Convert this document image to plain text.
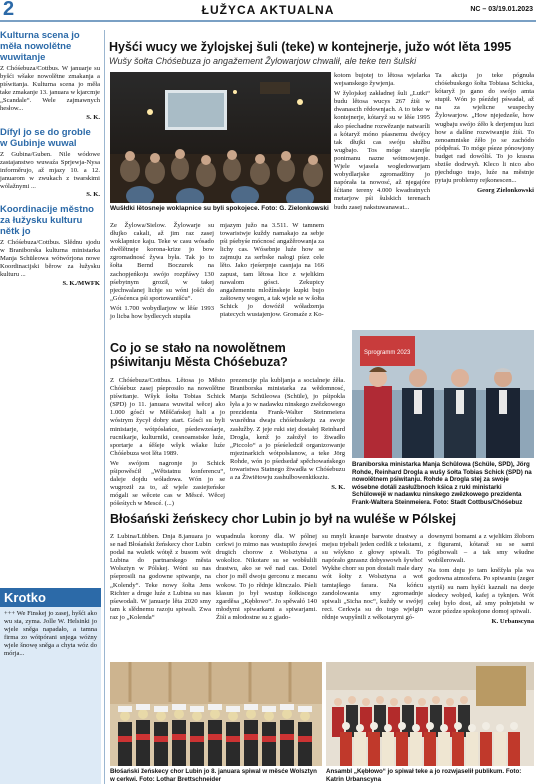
2	ŁUŽYCA AKTUALNA	NC – 03/19.01.2023
Kulturna scena jo měła nowolětne wuwitanje

Z Chóśebuza/Cottbus. W januarje su byšći wšake nowolětne zmakanja a piświtanja. Kulturna scena jo měła take zmakanje 13. januara w kjarcmje „Scandale“. Wele zajmawnych hesłow...

S. K.

Dífyl jo se do groble w Gubinje wuwal

Z Gubina/Guben. Nile wódowe zastajanstwo wuwaźa Sprjewja-Nysa informěrujo, až mjazy 10. a 12. januarom w zwukach z twarskimi wólažnymi ...

S. K.

Koordinacije městno za łužysku kulturu nětk jo

Z Chóśebuza/Cottbus. Slědnu sjodu w Braniborska kulturna ministarka Manja Schüleowa wótwórjona nowe Koordinacijski běrow za łužysku kulturu ...

S. K./MWFK

Krotko

+++ We Finskej jo zasej, hyšći ako wu sta, zyma. Jolle W. Helsinki jo wjele sněga napadało, a tamna firma zo wótpórani snjega wóżny wjele šnowę sněga a chyta wóz do mórja...

Hyšći wucy we žylojskej šuli (teke) w kontejnerje, južo wót lěta 1995
Wušy šołta Chóśebuza jo angažement Žylowarjow chwalił, ale teke ten šulski
Wušłdki lětosneje woklapnice su byli spokojece. Foto: G. Zielonkowski

Ze Žylowa/Sielow. Žylowarje su dłujko cakali, až jim raz zasej woklapnice kaju. Teke w casu wósado dwělětneje korona-krize jo bow zgromadnosć žywa była. Tak jo to šołta Bernd Boczurek na zachopjeńkoju swójo rozpřáwy 130 pśebytnym groził, w takej pjechwalanej lichje su wóni jošći do „Gósćenca pśi sportowanišću“.

Wót 1.700 wobydlarjow w lěśe 1993 jo licba how bydlecych stupiła

mjazym južo na 3.511. W tamnem towaristwje kuždy namakajo za sebje pśi pśebyśe mócnosć angažěrowanja za lichy cas. Wósebnje luźe how se zajmuju za serbske nałogi pśez cełe lěto. Jako rjeśerpnje casnjaja na 166 zapust, tam lětosa lice z wjelikim nawalom gósci. Zekupicy angažementu mložínskeje kupki bujo zaštowny wogen, a tak wjele se w šołta Schick jo dowóźił wóładzenja piatecych wustajenjow. Gromaźe z Ko-

kotom bujotej to lětosa wjelarka wejsanskego žywjenja.

W žylojskej zakładnej šuli „Lutki“ budu lětosa wucys 267 źiśi w dwanascih rědownjach. A to teke w kontejnerje, kótaryž su w lěśe 1995 ako pśechadne rozwězanje natwaríli a kótaryž móno pśasnemu dwójcy tak dłujki cas swóju słužbu wugbajo. Tos móge starejše ponimanu nazne wótmowjenje. Wjele wjasela wogledowarjam wobydlarjske zgromadžiny jo napórała ta nowosć, až njegajóre šćitane tereny 4.000 kwadratnych metarjow pśi šulskich terenach budu zasej nakstuwanawat...

Ta akcija jo teke pógnuła chóśebuskego šołta Tobiasa Schicka, kótaryž jo gano do swójo amta stupił. Wón jo pśeźdej pśwadał, až na za wjelicne wuspechy Žylowarjow. „How njejedzeše, how wugbaju swójo źěło k derjemjuu luzi how a dalšne rozwiwanjie źiśi. To zenoamniske źěło jo se zachódo pódpěraś. To móge pśeze pónowjony budget rad dowóliś. To jo krasna sbziše dodrwyñ. Kleco li nico abo pjechdugo trajo, luźe na městnje pytaju problemy rejkonescen...

Georg Zielonkowski

Co jo se stało na nowolětnem pśiwitanju Města Chóśebuza?

Z Chóśebuza/Cottbus. Lětosa jo Město Chóśebuz zasej pśeprosiło na nowolětne piświtanje. Wšyk šołta Tobias Schick (SPD) jo 11. januara wuwital wěcej ako 1.000 gósći w Měščańskej hali a jo wóstrym žycył dobry start. Gósći su byli ministarje, wótpósłańce, pśedewześarje, rucnikarje, kulturniki, cesnoamstske luźe, sportarje a śěšeje wšyk wšake luźe Chóśebuza wot lěta 1989.

We swójom nagronje jo Schick pśipowěsćił „Wětstatnu konferencu“, daleje dojdu wóładowa. Wón jo se wugroził za to, až wjele zasiejteńske mógali se wěcete cas w Měscé. Wěcej póšeśtych w Mescé. (...)

prezencije pla kubljanja a socialneje źěła. Braniborska ministarka za wědomnosć, Manja Schüleowa (Schüle), jo pśipokla łyła a jo w nadawku ninskego zwězkowego prezidenta Frank-Walter Steinmeiera wusrědna dwaju chóśebuskeju za swoje zasłužby. Z jeje ruki stej dostałej Reinhard Drogla, kenž jo załožył to žiwadło „Piccolo“ a jo pśeśeledził organizowanje mjezinarkich wótpołsłanow, a teke Jörg Rohde, wón jo pśedsedař spěchowańskego towaristwa Statnego žiwadła w Chóśebuzu a za Žiwiëtowju zashulbowenktksziu.

S. K.

Sprogramm 2023
Braniborska ministarka Manja Schülowa (Schüle, SPD), Jörg Rohde, Reinhard Drogla a wušy šołta Tobias Schick (SPD) na nowolětnem pśiwitanju. Rohde a Drogla stej za swoje wósebne dotáli zasłužbnoch kśica z ruki ministarki Schülowejë w nadawku ninskego zwězkowego prezidenta Frank-Waltera Steinmeiera. Foto: Stadt Cottbus/Chóśebuz
Błośański žeńskecy chor Lubin jo był na wuléše w Pólskej

Z Lubina/Lübben. Dnja 8.januara jo se nad Błośański žeńskecy chor Lubin podal na wuletk wótęž z busom wót Lubina do partnarskego města Wolsztyn w Pólskej. Wóni su nas pśeprosili na godowne spiwanje, na „Kolendy“. Teke nowy šołta Jens Richter a druge luźe z Lubina su nas pśewodali. W januarje lěta 2020 smy tam k slědnemu razoju spiwali. Zwa raz jo „Kolenda“

wupadnula korony dla. W pólnej cerkwi jo mimo nas wustupiło źewjeś drugich chorow z Wolsztyna a wokolice. Nikotare su se wobšulili drastwu, ako se wě nad cas. Dotel chor jo měl dwoju gerconu z mecanu wokow. To jo rědnje klinczalo. Pśeli klasun jo był wustup šołkiscego zgarděsa „Kębłowo“. Jo spěwałó 140 młodymi spiwarkami a spiwarjami. Źiśi a młodostne su z gjado-

su mnyli krasnje barwote drastwy a mejsu trjebali jeden cedlik z tekstami, su wšykno z głowy spiwali. To napórało gnrasnz dobyswowh šywho! Wykhe chorr su pon dostali male dary wót šołty z Wolsztyna a wot tamtajšego farara. Na kóńcu zandolowania smy zgromadnje spiwali „Sicha noc“, kuždy w swójej reci. Cerkwja su do togo wjelgin rědnje wupyšnili z wěkotarymi gó-

downymi bomami a z wjelikim žłobom z figurami, kótaraž su se sami pógibowali – a tak smy wšudne wobšlerowali.

Na tom dnju jo tam kněžyła pla wa godowna atmosfera. Po spiwaniu (zeger styriš) su nam hyšći kaznali na deeje słodecy wobjed, kafej a tyknjen. Wót cełej było dost, až smy połnjetshi w wzor pózdze spokojone domoj spiwali.

K. Urbanscyna

Błośański žeńskecy chor Lubin jo 8. januara spiwal w měsće Wolsztyn w cerkwi. Foto: Lothar Brettschneider
Ansambl „Kębłowo“ jo spiwał teke a jo rozwjaselił publikum. Foto: Katrin Urbanscyna
